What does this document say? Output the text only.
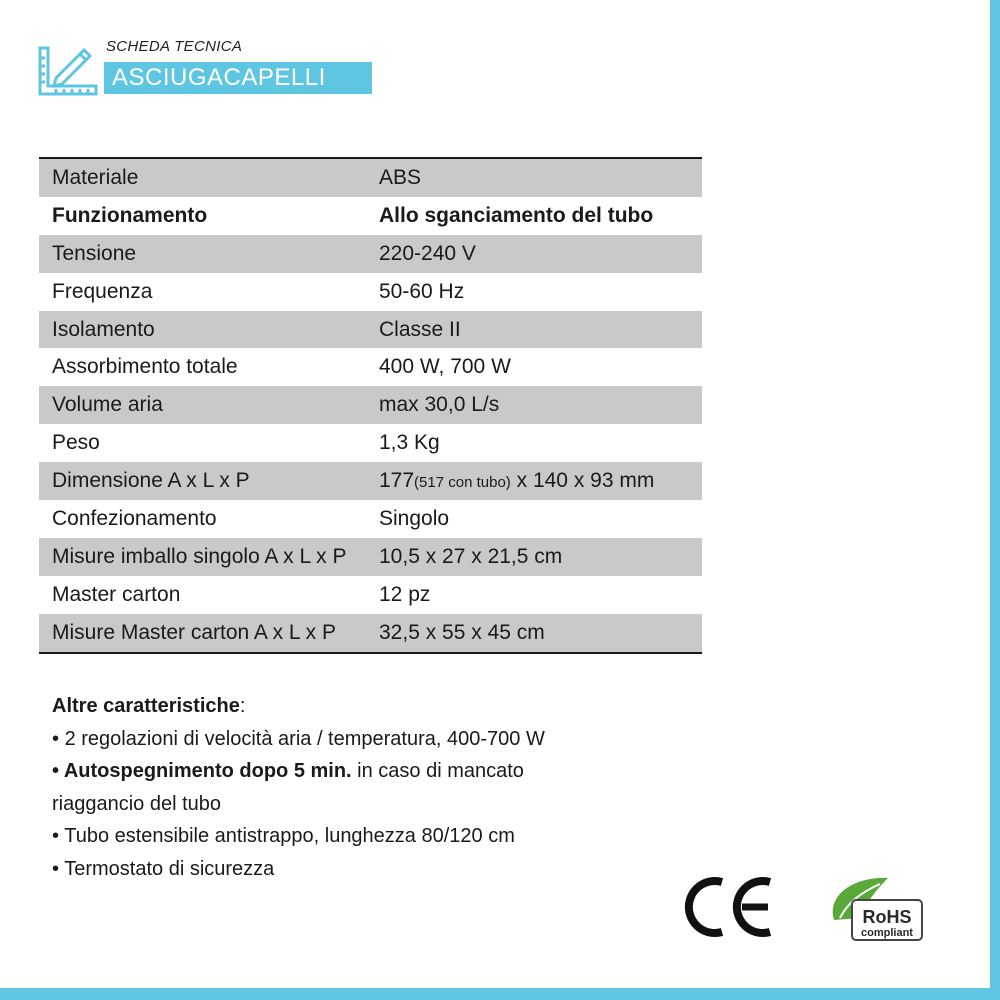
SCHEDA TECNICA
ASCIUGACAPELLI
Materiale	ABS
Funzionamento	Allo sganciamento del tubo
Tensione	220-240 V
Frequenza	50-60 Hz
Isolamento	Classe II
Assorbimento totale	400 W, 700 W
Volume aria	max 30,0 L/s
Peso	1,3 Kg
Dimensione A x L x P	177(517 con tubo) x 140 x 93 mm
Confezionamento	Singolo
Misure imballo singolo A x L x P	10,5 x 27 x 21,5 cm
Master carton	12 pz
Misure Master carton A x L x P	32,5 x 55 x 45 cm

Altre caratteristiche:

• 2 regolazioni di velocità aria / temperatura, 400-700 W

• Autospegnimento dopo 5 min. in caso di mancato

riaggancio del tubo

• Tubo estensibile antistrappo, lunghezza 80/120 cm

• Termostato di sicurezza

RoHS
compliant
